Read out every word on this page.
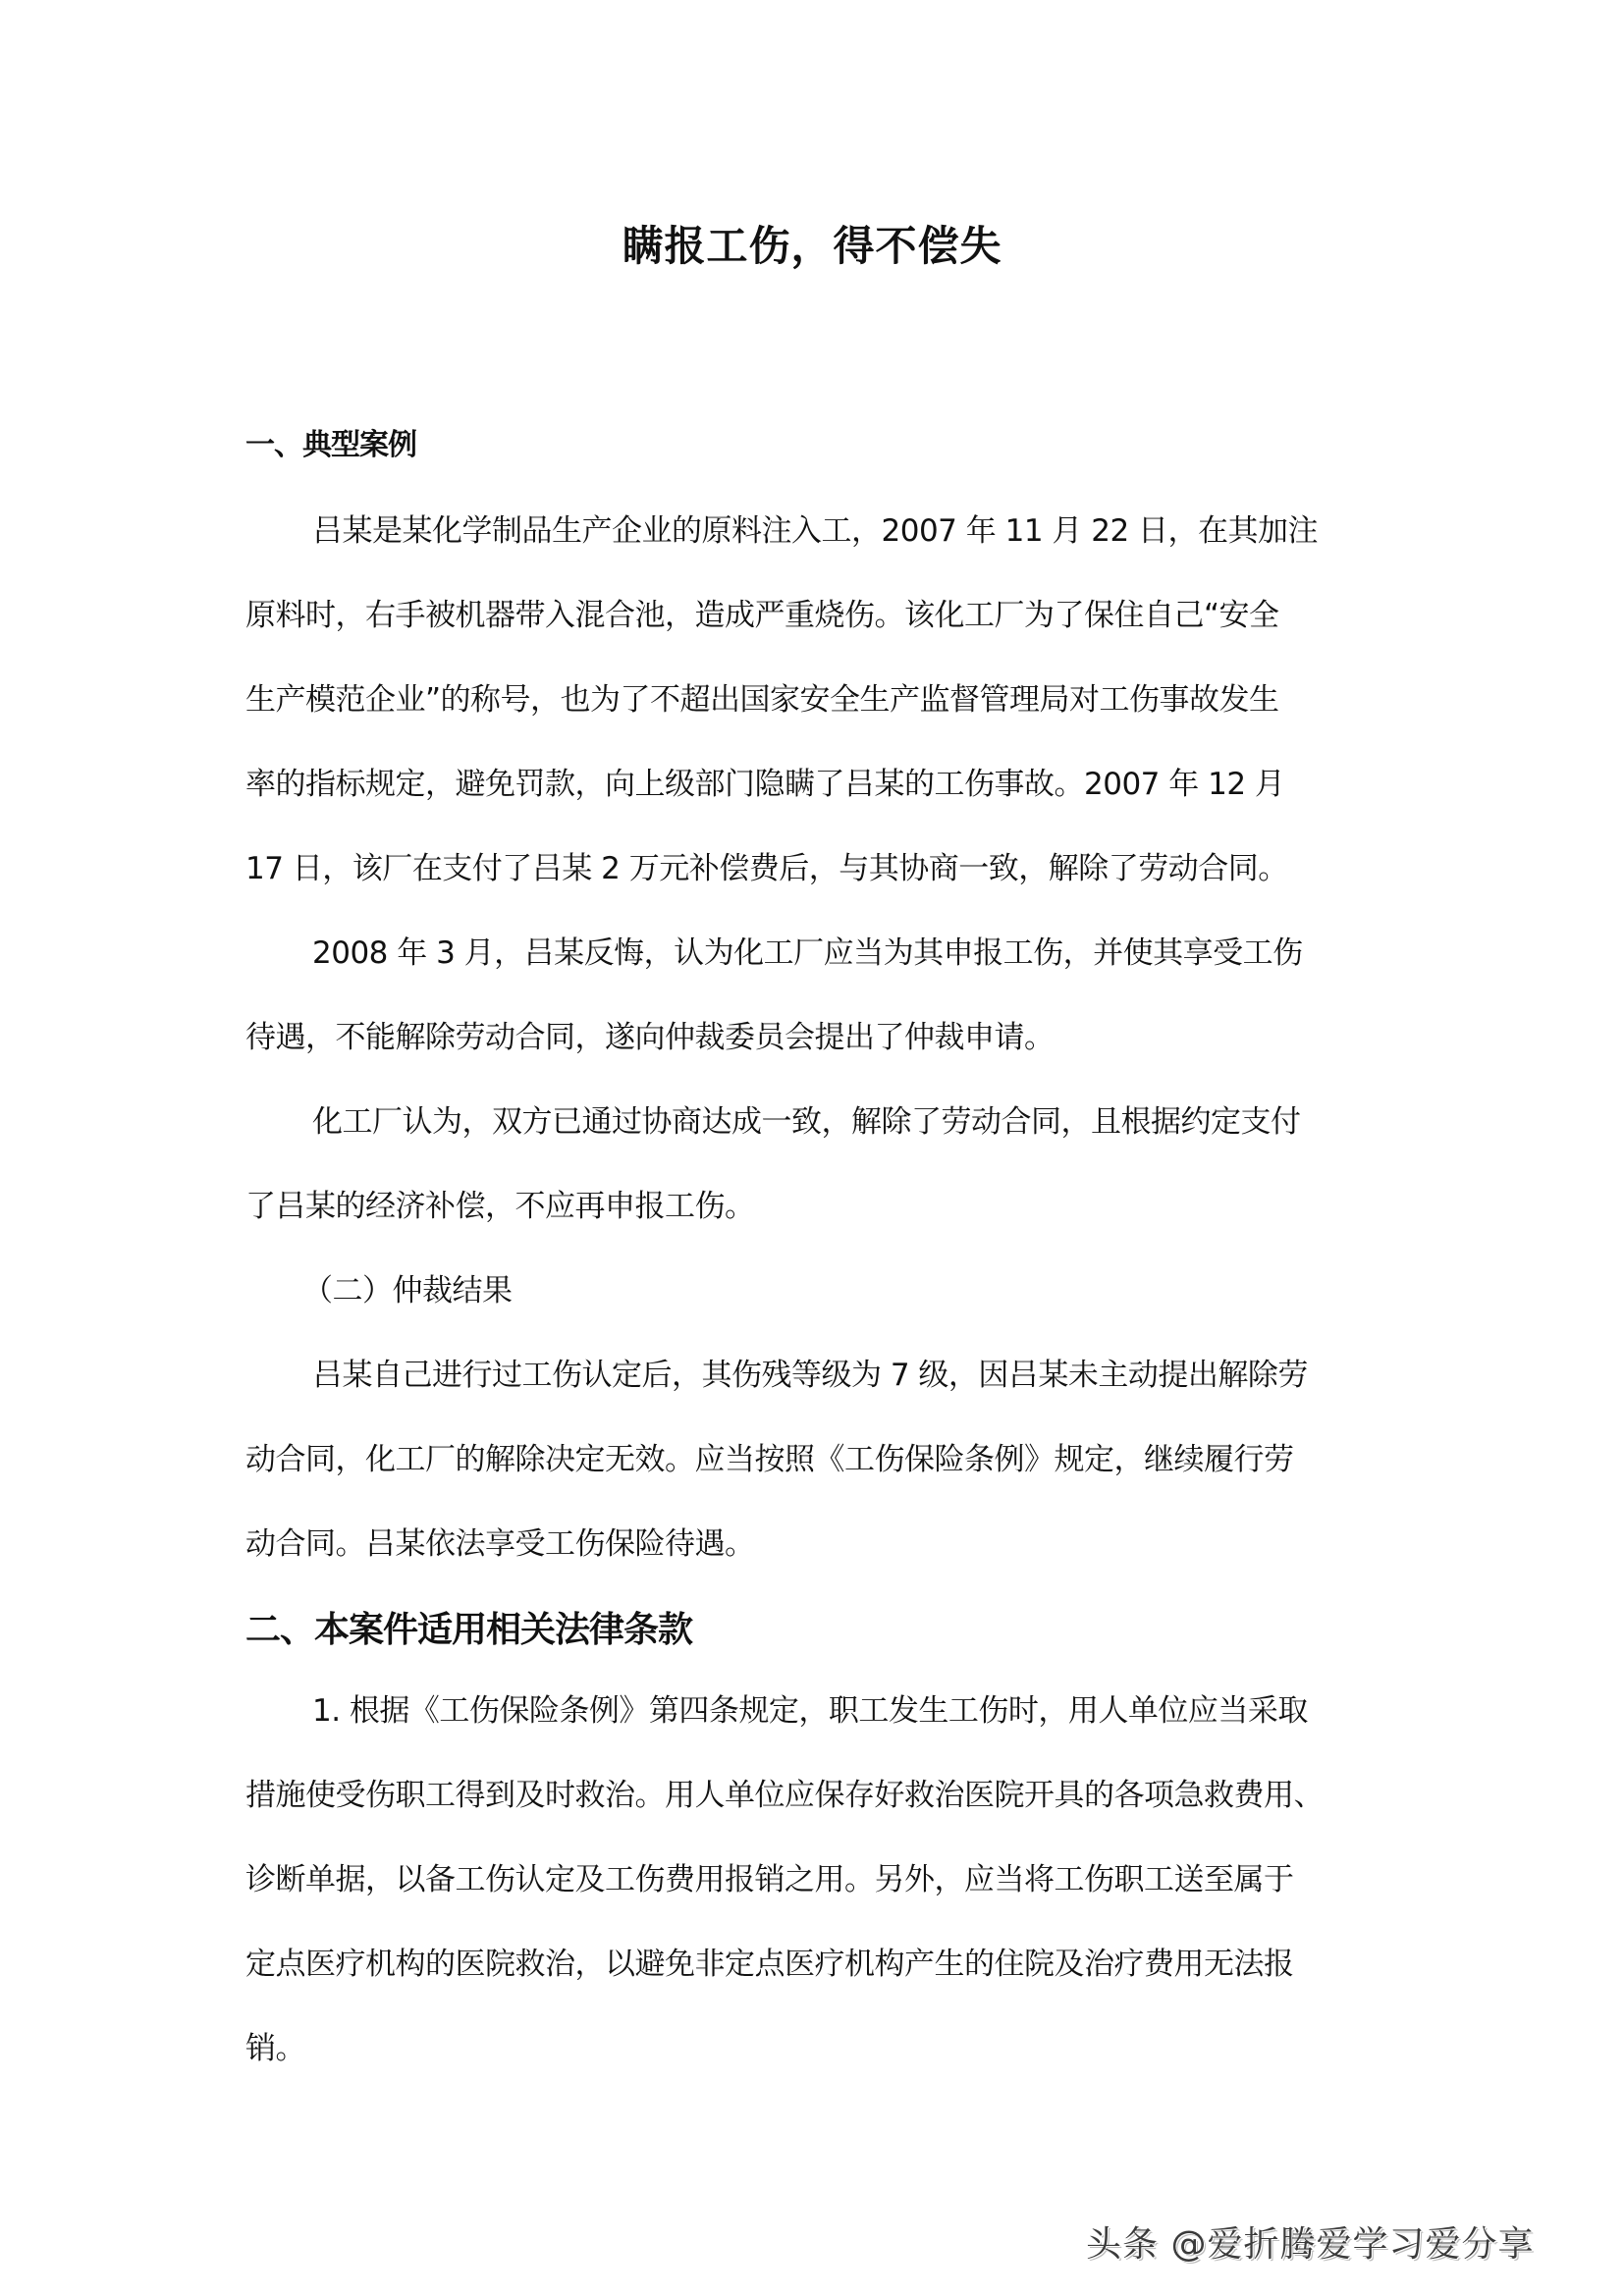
瞒报工伤，得不偿失
一、典型案例
吕某是某化学制品生产企业的原料注入工，2007 年 11 月 22 日，在其加注
原料时，右手被机器带入混合池，造成严重烧伤。该化工厂为了保住自己“安全
生产模范企业”的称号，也为了不超出国家安全生产监督管理局对工伤事故发生
率的指标规定，避免罚款，向上级部门隐瞒了吕某的工伤事故。2007 年 12 月
17 日，该厂在支付了吕某 2 万元补偿费后，与其协商一致，解除了劳动合同。
2008 年 3 月，吕某反悔，认为化工厂应当为其申报工伤，并使其享受工伤
待遇，不能解除劳动合同，遂向仲裁委员会提出了仲裁申请。
化工厂认为，双方已通过协商达成一致，解除了劳动合同，且根据约定支付
了吕某的经济补偿，不应再申报工伤。
（二）仲裁结果
吕某自己进行过工伤认定后，其伤残等级为 7 级，因吕某未主动提出解除劳
动合同，化工厂的解除决定无效。应当按照《工伤保险条例》规定，继续履行劳
动合同。吕某依法享受工伤保险待遇。
二、本案件适用相关法律条款
1. 根据《工伤保险条例》第四条规定，职工发生工伤时，用人单位应当采取
措施使受伤职工得到及时救治。用人单位应保存好救治医院开具的各项急救费用、
诊断单据，以备工伤认定及工伤费用报销之用。另外，应当将工伤职工送至属于
定点医疗机构的医院救治，以避免非定点医疗机构产生的住院及治疗费用无法报
销。
头条 @爱折腾爱学习爱分享
